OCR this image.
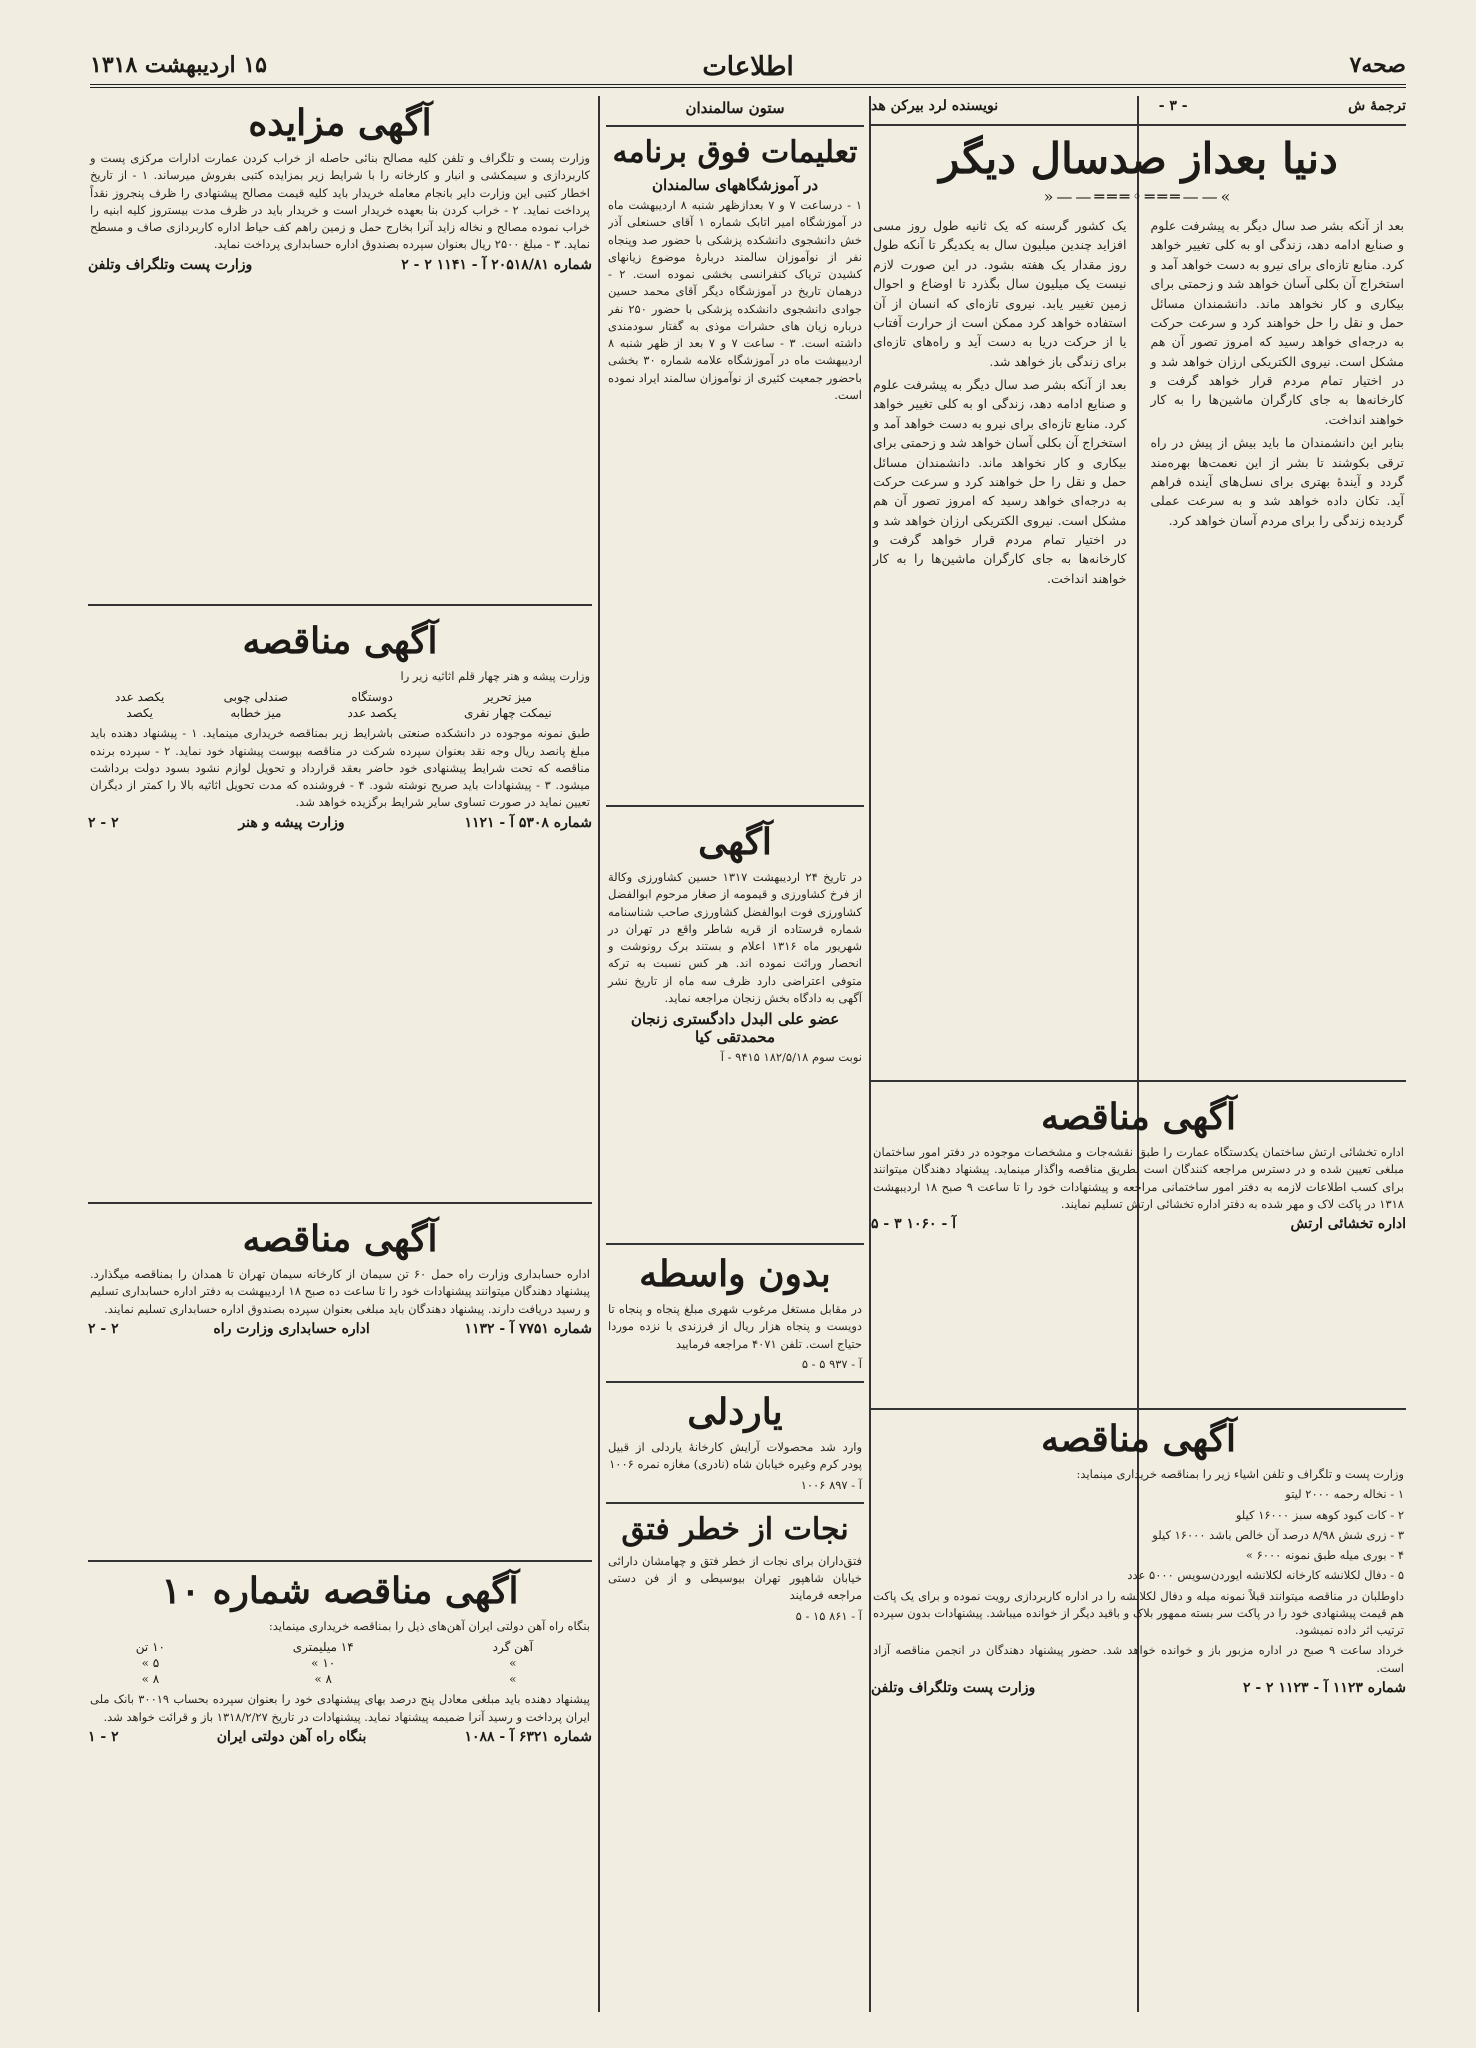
صحه۷
اطلاعات
۱۵ اردیبهشت ۱۳۱۸
ترجمهٔ ش
- ۳ -
نویسنده لرد بیرکن هد
دنیا بعداز صدسال دیگر
»——═══◦═══——«

بعد از آنکه بشر صد سال دیگر به پیشرفت علوم و صنایع ادامه دهد، زندگی او به کلی تغییر خواهد کرد. منابع تازه‌ای برای نیرو به دست خواهد آمد و استخراج آن بکلی آسان خواهد شد و زحمتی برای بیکاری و کار نخواهد ماند. دانشمندان مسائل حمل و نقل را حل خواهند کرد و سرعت حرکت به درجه‌ای خواهد رسید که امروز تصور آن هم مشکل است. نیروی الکتریکی ارزان خواهد شد و در اختیار تمام مردم قرار خواهد گرفت و کارخانه‌ها به جای کارگران ماشین‌ها را به کار خواهند انداخت.

بنابر این دانشمندان ما باید بیش از پیش در راه ترقی بکوشند تا بشر از این نعمت‌ها بهره‌مند گردد و آیندهٔ بهتری برای نسل‌های آینده فراهم آید. تکان داده خواهد شد و به سرعت عملی گردیده زندگی را برای مردم آسان خواهد کرد.

یک کشور گرسنه که یک ثانیه طول روز مسی افزاید چندین میلیون سال به یکدیگر تا آنکه طول روز مقدار یک هفته بشود. در این صورت لازم نیست یک میلیون سال بگذرد تا اوضاع و احوال زمین تغییر یابد. نیروی تازه‌ای که انسان از آن استفاده خواهد کرد ممکن است از حرارت آفتاب یا از حرکت دریا به دست آید و راه‌های تازه‌ای برای زندگی باز خواهد شد.

بعد از آنکه بشر صد سال دیگر به پیشرفت علوم و صنایع ادامه دهد، زندگی او به کلی تغییر خواهد کرد. منابع تازه‌ای برای نیرو به دست خواهد آمد و استخراج آن بکلی آسان خواهد شد و زحمتی برای بیکاری و کار نخواهد ماند. دانشمندان مسائل حمل و نقل را حل خواهند کرد و سرعت حرکت به درجه‌ای خواهد رسید که امروز تصور آن هم مشکل است. نیروی الکتریکی ارزان خواهد شد و در اختیار تمام مردم قرار خواهد گرفت و کارخانه‌ها به جای کارگران ماشین‌ها را به کار خواهند انداخت.

آگهی مناقصه

اداره تخشائی ارتش ساختمان یکدستگاه عمارت را طبق نقشه‌جات و مشخصات موجوده در دفتر امور ساختمان مبلغی تعیین شده و در دسترس مراجعه کنندگان است بطریق مناقصه واگذار مینماید. پیشنهاد دهندگان میتوانند برای کسب اطلاعات لازمه به دفتر امور ساختمانی مراجعه و پیشنهادات خود را تا ساعت ۹ صبح ۱۸ اردیبهشت ۱۳۱۸ در پاکت لاک و مهر شده به دفتر اداره تخشائی ارتش تسلیم نمایند.

اداره تخشائی ارتش
آ - ۱۰۶۰ ۳ - ۵
آگهی مناقصه

وزارت پست و تلگراف و تلفن اشیاء زیر را بمناقصه خریداری مینماید:

۱ - نخاله رحمه ۲۰۰۰ لیتو
۲ - کات کبود کوهه سبز ۱۶۰۰۰ کیلو
۳ - زری شش ۸/۹۸ درصد آن خالص باشد ۱۶۰۰۰ کیلو
۴ - بوری میله طبق نمونه ۶۰۰۰ »
۵ - دفال لکلانشه کارخانه لکلانشه ایوردن‌سویس ۵۰۰۰ عدد

داوطلبان در مناقصه میتوانند قبلاً نمونه میله و دفال لکلانشه را در اداره کاربردازی رویت نموده و برای یک پاکت هم قیمت پیشنهادی خود را در پاکت سر بسته ممهور بلاک و باقید دیگر از خوانده میباشد. پیشنهادات بدون سپرده ترتیب اثر داده نمیشود.

خرداد ساعت ۹ صبح در اداره مزبور باز و خوانده خواهد شد. حضور پیشنهاد دهندگان در انجمن مناقصه آزاد است.

شماره ۱۱۲۳ آ - ۱۱۲۳ ۲ - ۲
وزارت پست وتلگراف وتلفن
ستون سالمندان
تعلیمات فوق برنامه
در آموزشگاههای سالمندان

۱ - درساعت ۷ و ۷ بعدازظهر شنبه ۸ اردیبهشت ماه در آموزشگاه امیر اتابک شماره ۱ آقای حسنعلی آذر خش دانشجوی دانشکده پزشکی با حضور صد وپنجاه نفر از نوآموزان سالمند دربارهٔ موضوع زیانهای کشیدن تریاک کنفرانسی بخشی نموده است. ۲ - درهمان تاریخ در آموزشگاه دیگر آقای محمد حسین جوادی دانشجوی دانشکده پزشکی با حضور ۲۵۰ نفر درباره زیان های حشرات موذی به گفتار سودمندی داشته است. ۳ - ساعت ۷ و ۷ بعد از ظهر شنبه ۸ اردیبهشت ماه در آموزشگاه علامه شماره ۳۰ بخشی باحضور جمعیت کثیری از نوآموزان سالمند ایراد نموده است.

آگهی

در تاریخ ۲۴ اردیبهشت ۱۳۱۷ حسین کشاورزی وکالة از فرخ کشاورزی و قیمومه از صغار مرحوم ابوالفضل کشاورزی فوت ابوالفضل کشاورزی صاحب شناسنامه شماره فرستاده از قریه شاطر واقع در تهران در شهریور ماه ۱۳۱۶ اعلام و بستند برک رونوشت و انحصار وراثت نموده اند. هر کس نسبت به ترکه متوفی اعتراضی دارد ظرف سه ماه از تاریخ نشر آگهی به دادگاه بخش زنجان مراجعه نماید.

عضو علی البدل دادگستری زنجان محمدتقی کیا
نوبت سوم ۱۸۲/۵/۱۸ ۹۴۱۵ - آ
بدون واسطه

در مقابل مستغل مرغوب شهری مبلغ پنجاه و پنجاه تا دویست و پنجاه هزار ریال از فرزندی با نزده موردا حتیاج است. تلفن ۴۰۷۱ مراجعه فرمایید

آ - ۹۳۷ ۵ - ۵
یاردلی

وارد شد محصولات آرایش کارخانهٔ یاردلی از قبیل پودر کرم وغیره خیابان شاه (نادری) مغازه نمره ۱۰۰۶

آ - ۸۹۷ ۱۰۰۶
نجات از خطر فتق

فتق‌داران برای نجات از خطر فتق و چهامشان دارائی خیابان شاهپور تهران بیوسیطی و از فن دستی مراجعه فرمایند

آ - ۸۶۱ ۱۵ - ۵
آگهی مزایده

وزارت پست و تلگراف و تلفن کلیه مصالح بنائی حاصله از خراب کردن عمارت ادارات مرکزی پست و کاربردازی و سیمکشی و انبار و کارخانه را با شرایط زیر بمزایده کتبی بفروش میرساند. ۱ - از تاریخ اخطار کتبی این وزارت دایر بانجام معامله خریدار باید کلیه قیمت مصالح پیشنهادی را ظرف پنجروز نقداً پرداخت نماید. ۲ - خراب کردن بنا بعهده خریدار است و خریدار باید در ظرف مدت بیستروز کلیه ابنیه را خراب نموده مصالح و نخاله زاید آنرا بخارج حمل و زمین راهم کف حیاط اداره کاربردازی صاف و مسطح نماید. ۳ - مبلغ ۲۵۰۰ ریال بعنوان سپرده بصندوق اداره حسابداری پرداخت نماید.

شماره ۲۰۵۱۸/۸۱ آ - ۱۱۴۱ ۲ - ۲
وزارت پست وتلگراف وتلفن
آگهی مناقصه

وزارت پیشه و هنر چهار قلم اثاثیه زیر را

میز تحریر	دوستگاه	صندلی چوبی	یکصد عدد
نیمکت چهار نفری	یکصد عدد	میز خطابه	یکصد

طبق نمونه موجوده در دانشکده صنعتی باشرایط زیر بمناقصه خریداری مینماید. ۱ - پیشنهاد دهنده باید مبلغ پانصد ریال وجه نقد بعنوان سپرده شرکت در مناقصه بپوست پیشنهاد خود نماید. ۲ - سپرده برنده مناقصه که تحت شرایط پیشنهادی خود حاضر بعقد قرارداد و تحویل لوازم نشود بسود دولت برداشت میشود. ۳ - پیشنهادات باید صریح نوشته شود. ۴ - فروشنده که مدت تحویل اثاثیه بالا را کمتر از دیگران تعیین نماید در صورت تساوی سایر شرایط برگزیده خواهد شد.

شماره ۵۳۰۸ آ - ۱۱۲۱
وزارت پیشه و هنر
۲ - ۲
آگهی مناقصه

اداره حسابداری وزارت راه حمل ۶۰ تن سیمان از کارخانه سیمان تهران تا همدان را بمناقصه میگذارد. پیشنهاد دهندگان میتوانند پیشنهادات خود را تا ساعت ده صبح ۱۸ اردیبهشت به دفتر اداره حسابداری تسلیم و رسید دریافت دارند. پیشنهاد دهندگان باید مبلغی بعنوان سپرده بصندوق اداره حسابداری تسلیم نمایند.

شماره ۷۷۵۱ آ - ۱۱۳۲
اداره حسابداری وزارت راه
۲ - ۲
آگهی مناقصه شماره ۱۰

بنگاه راه آهن دولتی ایران آهن‌های ذیل را بمناقصه خریداری مینماید:

آهن گرد	۱۴ میلیمتری	۱۰ تن
»	۱۰ »	۵ »
»	۸ »	۸ »

پیشنهاد دهنده باید مبلغی معادل پنج درصد بهای پیشنهادی خود را بعنوان سپرده بحساب ۳۰۰۱۹ بانک ملی ایران پرداخت و رسید آنرا ضمیمه پیشنهاد نماید. پیشنهادات در تاریخ ۱۳۱۸/۲/۲۷ باز و قرائت خواهد شد.

شماره ۶۳۲۱ آ - ۱۰۸۸
بنگاه راه آهن دولتی ایران
۲ - ۱
